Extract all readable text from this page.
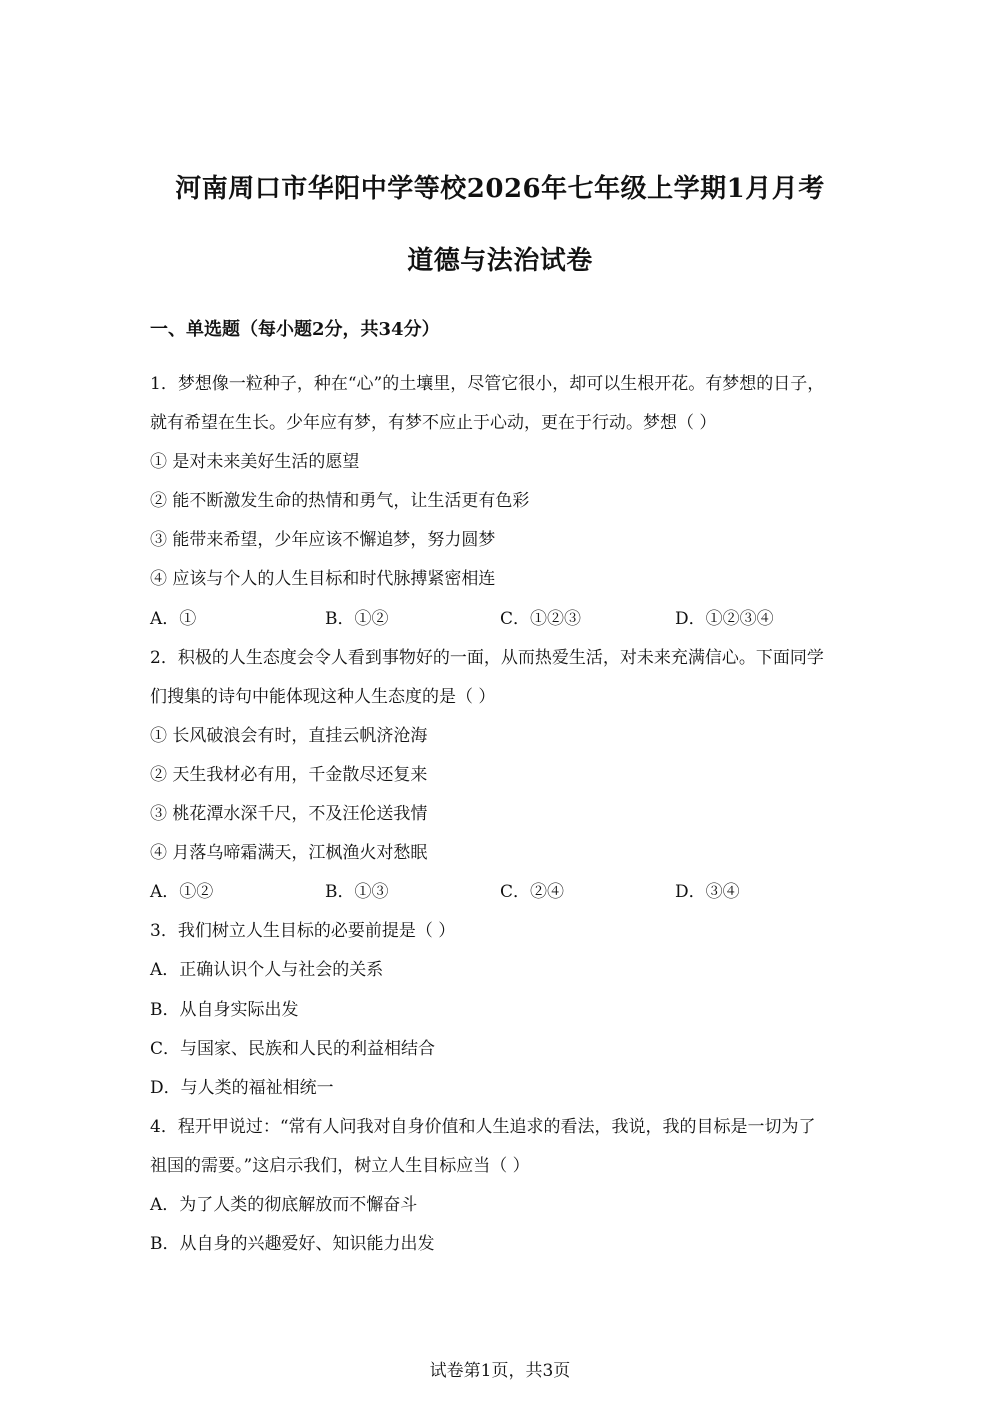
河南周口市华阳中学等校2026年七年级上学期1月月考
道德与法治试卷
一、单选题（每小题2分，共34分）
1．梦想像一粒种子，种在“心”的土壤里，尽管它很小，却可以生根开花。有梦想的日子，
就有希望在生长。少年应有梦，有梦不应止于心动，更在于行动。梦想（ ）
① 是对未来美好生活的愿望
② 能不断激发生命的热情和勇气，让生活更有色彩
③ 能带来希望，少年应该不懈追梦，努力圆梦
④ 应该与个人的人生目标和时代脉搏紧密相连
A．①	B．①②	C．①②③	D．①②③④
2．积极的人生态度会令人看到事物好的一面，从而热爱生活，对未来充满信心。下面同学
们搜集的诗句中能体现这种人生态度的是（ ）
① 长风破浪会有时，直挂云帆济沧海
② 天生我材必有用，千金散尽还复来
③ 桃花潭水深千尺，不及汪伦送我情
④ 月落乌啼霜满天，江枫渔火对愁眠
A．①②	B．①③	C．②④	D．③④
3．我们树立人生目标的必要前提是（ ）
A．正确认识个人与社会的关系
B．从自身实际出发
C．与国家、民族和人民的利益相结合
D．与人类的福祉相统一
4．程开甲说过：“常有人问我对自身价值和人生追求的看法，我说，我的目标是一切为了
祖国的需要。”这启示我们，树立人生目标应当（ ）
A．为了人类的彻底解放而不懈奋斗
B．从自身的兴趣爱好、知识能力出发
试卷第1页，共3页
